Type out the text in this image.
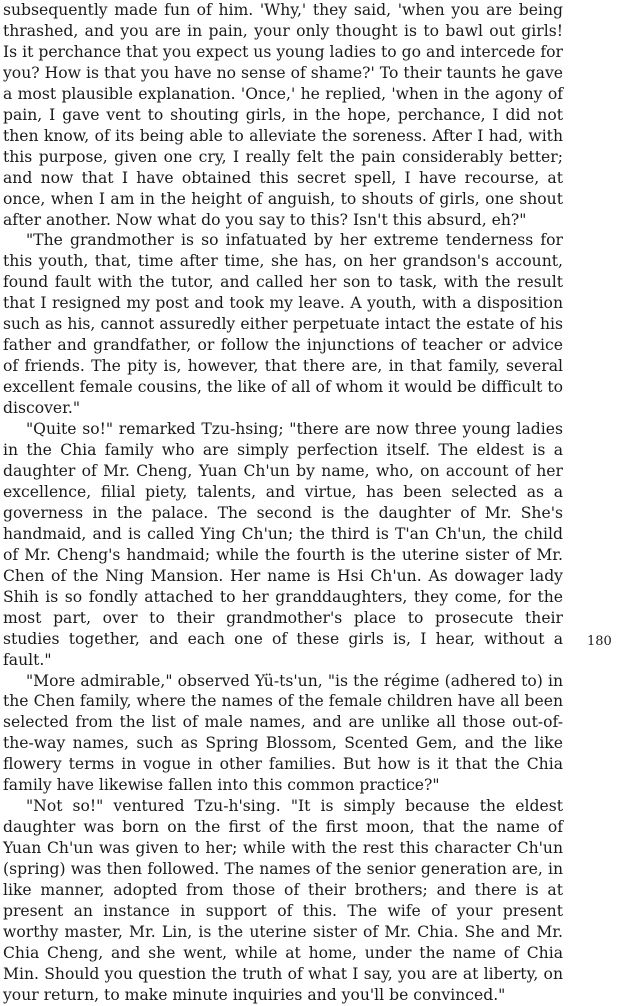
subsequently made fun of him. 'Why,' they said, 'when you are being thrashed, and you are in pain, your only thought is to bawl out girls! Is it perchance that you expect us young ladies to go and intercede for you? How is that you have no sense of shame?' To their taunts he gave a most plausible explanation. 'Once,' he replied, 'when in the agony of pain, I gave vent to shouting girls, in the hope, perchance, I did not then know, of its being able to alleviate the soreness. After I had, with this purpose, given one cry, I really felt the pain considerably better; and now that I have obtained this secret spell, I have recourse, at once, when I am in the height of anguish, to shouts of girls, one shout after another. Now what do you say to this? Isn't this absurd, eh?"

"The grandmother is so infatuated by her extreme tenderness for this youth, that, time after time, she has, on her grandson's account, found fault with the tutor, and called her son to task, with the result that I resigned my post and took my leave. A youth, with a disposition such as his, cannot assuredly either perpetuate intact the estate of his father and grandfather, or follow the injunctions of teacher or advice of friends. The pity is, however, that there are, in that family, several excellent female cousins, the like of all of whom it would be difficult to discover."

"Quite so!" remarked Tzu-hsing; "there are now three young ladies in the Chia family who are simply perfection itself. The eldest is a daughter of Mr. Cheng, Yuan Ch'un by name, who, on account of her excellence, filial piety, talents, and virtue, has been selected as a governess in the palace. The second is the daughter of Mr. She's handmaid, and is called Ying Ch'un; the third is T'an Ch'un, the child of Mr. Cheng's handmaid; while the fourth is the uterine sister of Mr. Chen of the Ning Mansion. Her name is Hsi Ch'un. As dowager lady Shih is so fondly attached to her granddaughters, they come, for the most part, over to their grandmother's place to prosecute their studies together, and each one of these girls is, I hear, without a fault."

"More admirable," observed Yü-ts'un, "is the régime (adhered to) in the Chen family, where the names of the female children have all been selected from the list of male names, and are unlike all those out-of-the-way names, such as Spring Blossom, Scented Gem, and the like flowery terms in vogue in other families. But how is it that the Chia family have likewise fallen into this common practice?"

"Not so!" ventured Tzu-h'sing. "It is simply because the eldest daughter was born on the first of the first moon, that the name of Yuan Ch'un was given to her; while with the rest this character Ch'un (spring) was then followed. The names of the senior generation are, in like manner, adopted from those of their brothers; and there is at present an instance in support of this. The wife of your present worthy master, Mr. Lin, is the uterine sister of Mr. Chia. She and Mr. Chia Cheng, and she went, while at home, under the name of Chia Min. Should you question the truth of what I say, you are at liberty, on your return, to make minute inquiries and you'll be convinced."

180
